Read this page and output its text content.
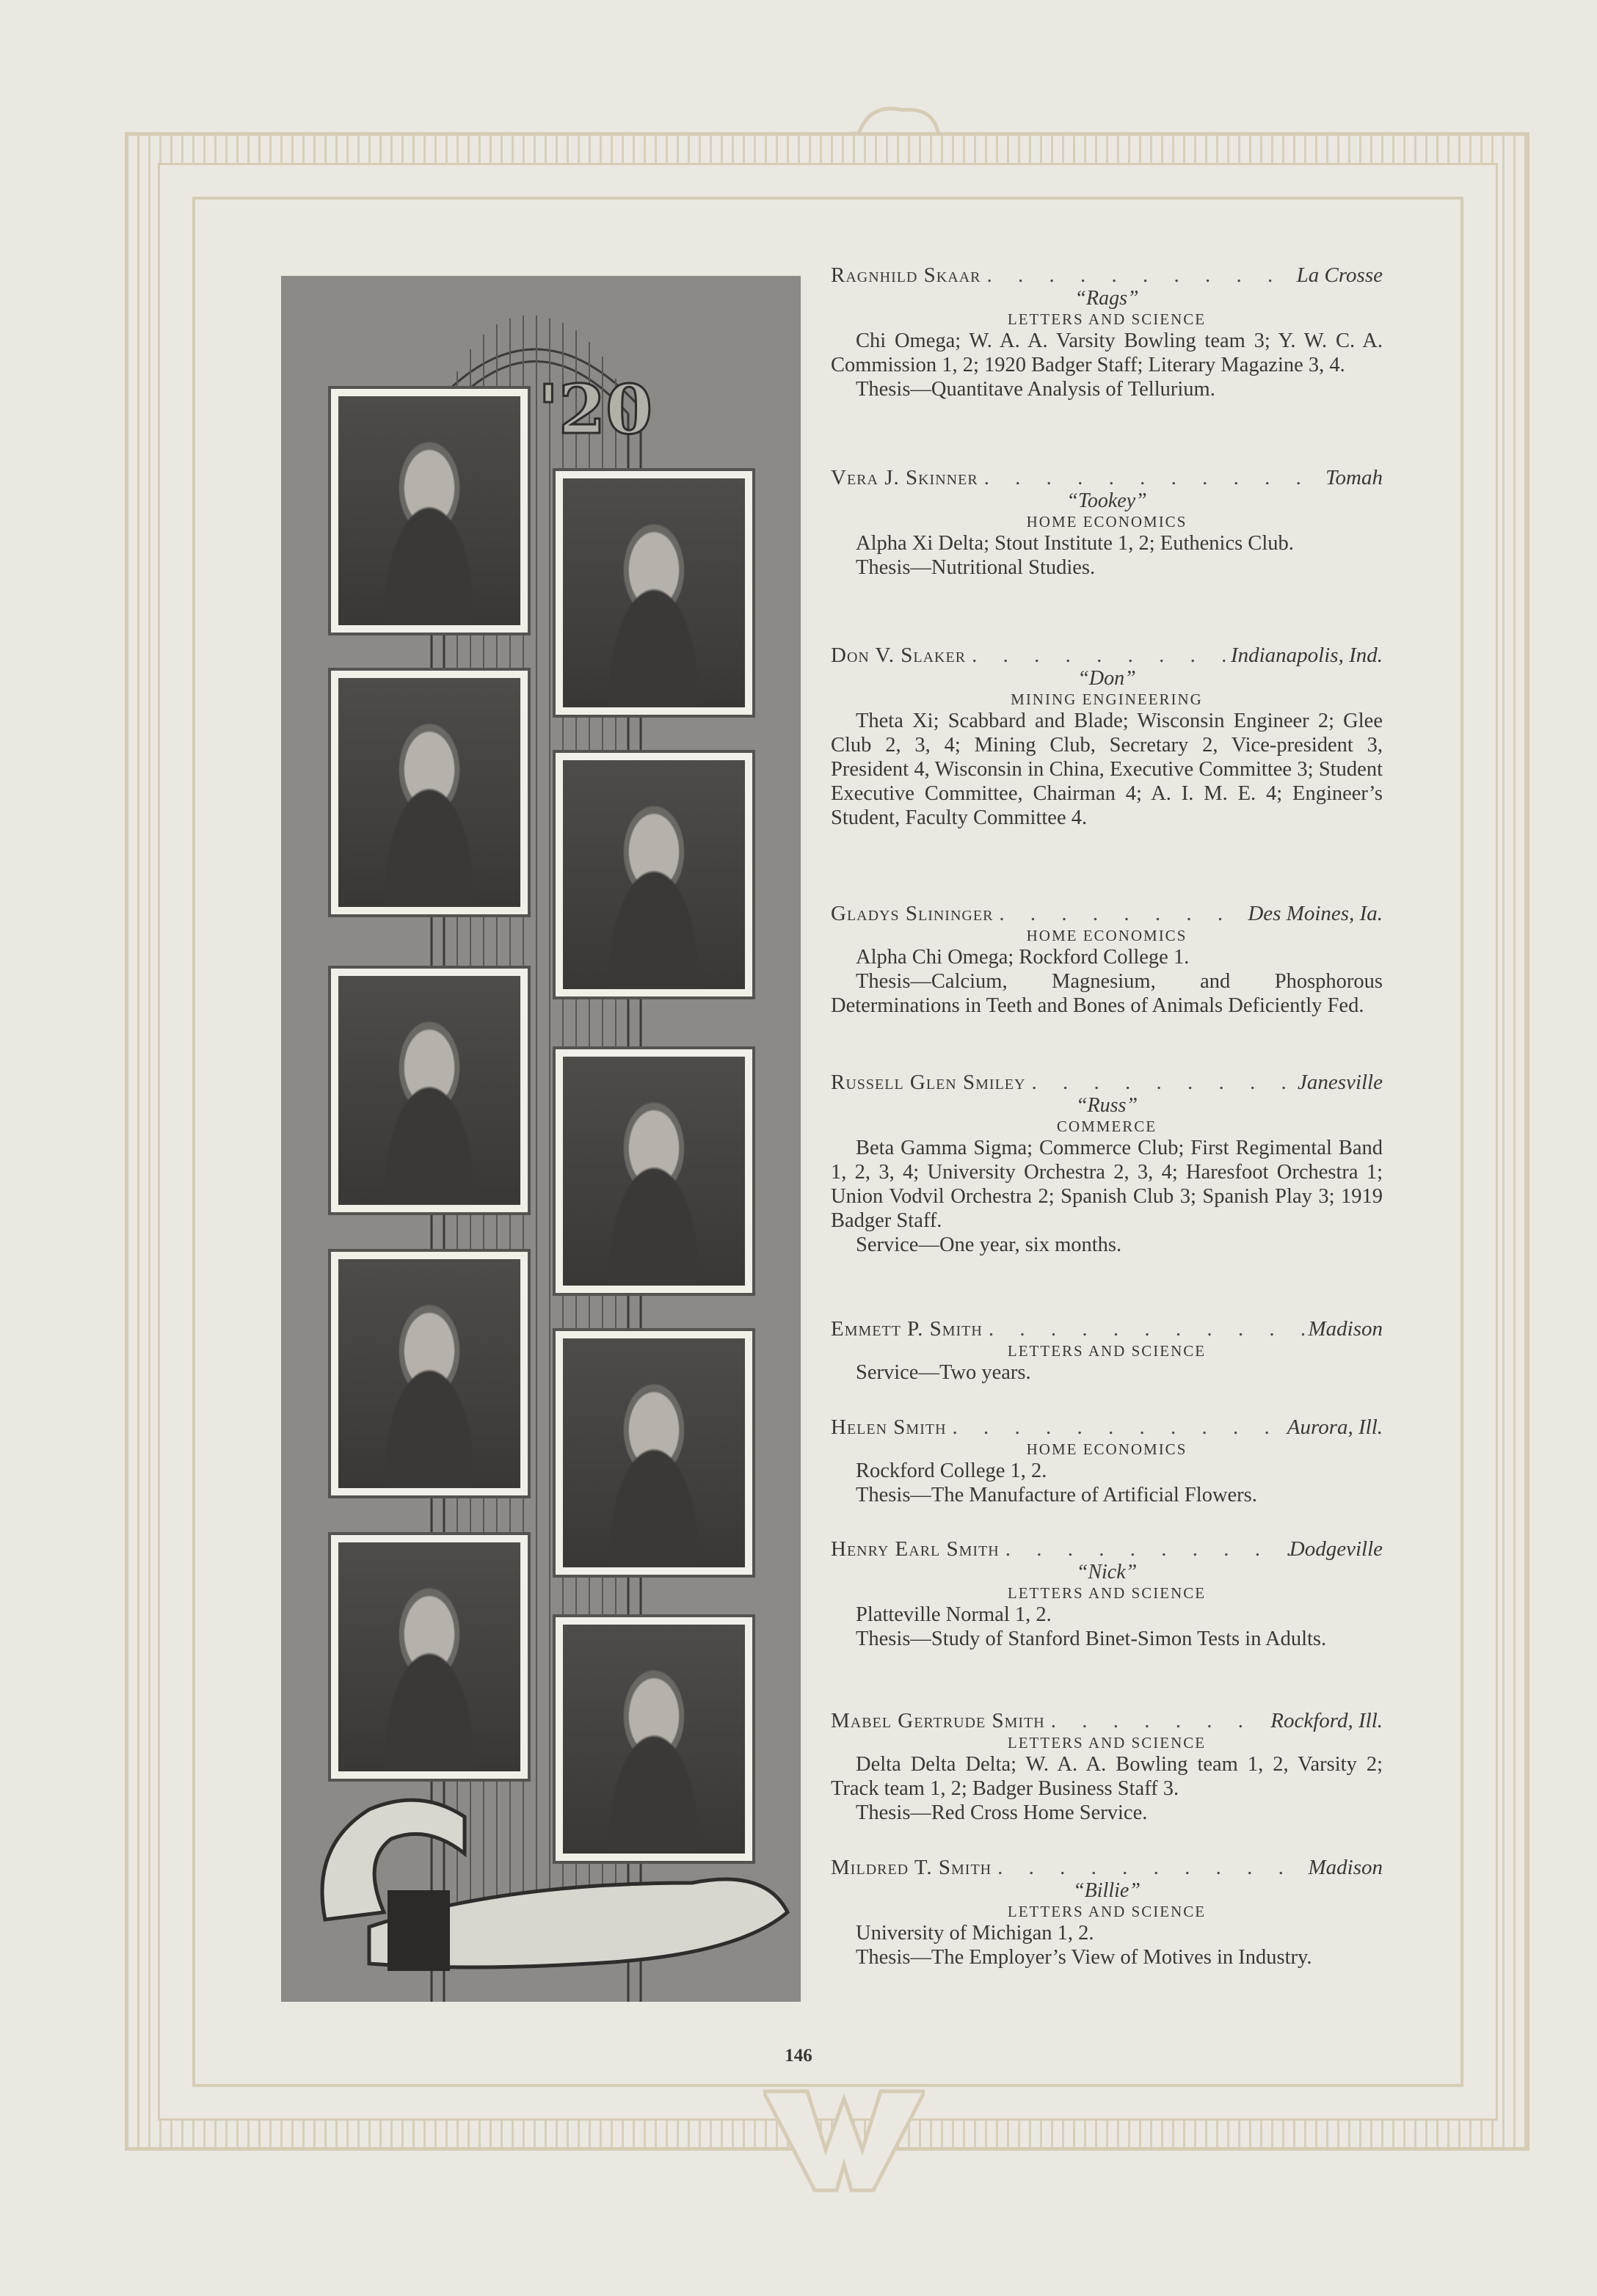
'20
Ragnhild Skaar . . .	La Crosse
“Rags”
LETTERS AND SCIENCE

Chi Omega; W. A. A. Varsity Bowling team 3; Y. W. C. A. Commission 1, 2; 1920 Badger Staff; Literary Magazine 3, 4.

Thesis—Quantitave Analysis of Tellurium.

Vera J. Skinner . . .	Tomah
“Tookey”
HOME ECONOMICS

Alpha Xi Delta; Stout Institute 1, 2; Euthenics Club.

Thesis—Nutritional Studies.

Don V. Slaker . . .	Indianapolis, Ind.
“Don”
MINING ENGINEERING

Theta Xi; Scabbard and Blade; Wisconsin Engineer 2; Glee Club 2, 3, 4; Mining Club, Secretary 2, Vice-president 3, President 4, Wisconsin in China, Executive Committee 3; Student Executive Committee, Chairman 4; A. I. M. E. 4; Engineer’s Student, Faculty Committee 4.

Gladys Slininger . . .	Des Moines, Ia.
HOME ECONOMICS

Alpha Chi Omega; Rockford College 1.

Thesis—Calcium, Magnesium, and Phosphorous Determinations in Teeth and Bones of Animals Deficiently Fed.

Russell Glen Smiley . . .	Janesville
“Russ”
COMMERCE

Beta Gamma Sigma; Commerce Club; First Regimental Band 1, 2, 3, 4; University Orchestra 2, 3, 4; Haresfoot Orchestra 1; Union Vodvil Orchestra 2; Spanish Club 3; Spanish Play 3; 1919 Badger Staff.

Service—One year, six months.

Emmett P. Smith . . .	Madison
LETTERS AND SCIENCE

Service—Two years.

Helen Smith . . .	Aurora, Ill.
HOME ECONOMICS

Rockford College 1, 2.

Thesis—The Manufacture of Artificial Flowers.

Henry Earl Smith . . .	Dodgeville
“Nick”
LETTERS AND SCIENCE

Platteville Normal 1, 2.

Thesis—Study of Stanford Binet-Simon Tests in Adults.

Mabel Gertrude Smith . . .	Rockford, Ill.
LETTERS AND SCIENCE

Delta Delta Delta; W. A. A. Bowling team 1, 2, Varsity 2; Track team 1, 2; Badger Business Staff 3.

Thesis—Red Cross Home Service.

Mildred T. Smith . . .	Madison
“Billie”
LETTERS AND SCIENCE

University of Michigan 1, 2.

Thesis—The Employer’s View of Motives in Industry.

146
